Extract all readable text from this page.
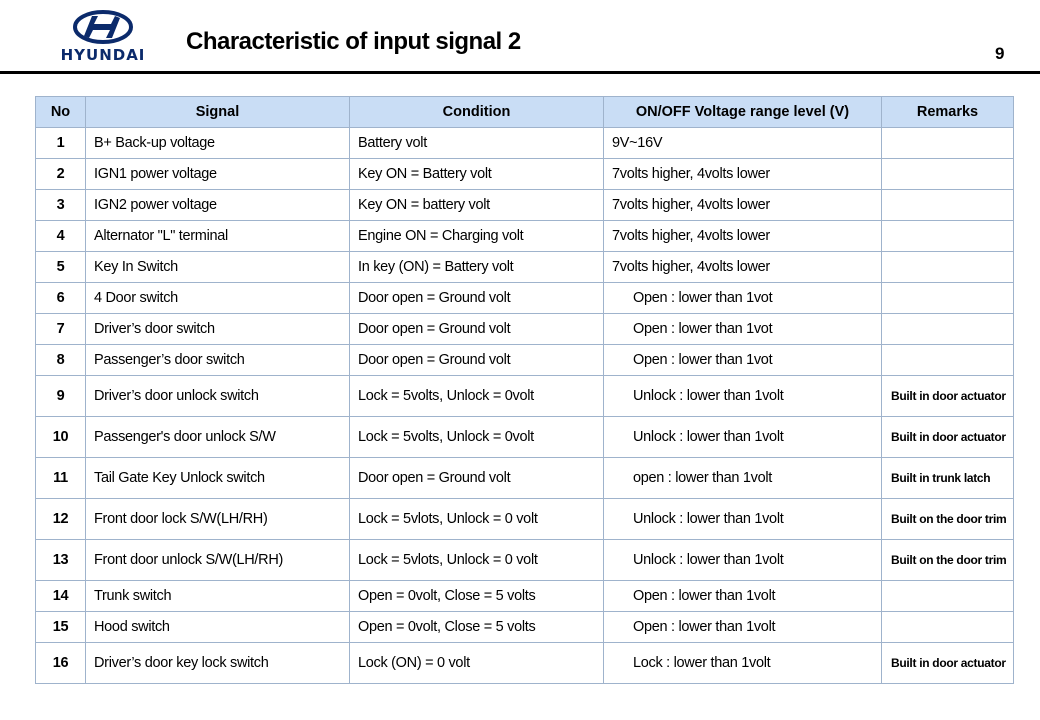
HYUNDAI Characteristic of input signal 2	9
No	Signal	Condition	ON/OFF Voltage range level (V)	Remarks
1	B+ Back-up voltage	Battery volt	9V~16V	
2	IGN1 power voltage	Key ON = Battery volt	7volts higher, 4volts lower	
3	IGN2 power voltage	Key ON = battery volt	7volts higher, 4volts lower	
4	Alternator "L" terminal	Engine ON = Charging volt	7volts higher, 4volts lower	
5	Key In Switch	In key (ON) = Battery volt	7volts higher, 4volts lower	
6	4 Door switch	Door open = Ground volt	Open : lower than 1vot	
7	Driver’s door switch	Door open = Ground volt	Open : lower than 1vot	
8	Passenger’s door switch	Door open = Ground volt	Open : lower than 1vot	
9	Driver’s door unlock switch	Lock = 5volts, Unlock = 0volt	Unlock : lower than 1volt	Built in door actuator
10	Passenger's door unlock S/W	Lock = 5volts, Unlock = 0volt	Unlock : lower than 1volt	Built in door actuator
11	Tail Gate Key Unlock switch	Door open = Ground volt	open : lower than 1volt	Built in trunk latch
12	Front door lock S/W(LH/RH)	Lock = 5vlots, Unlock = 0 volt	Unlock : lower than 1volt	Built on the door trim
13	Front door unlock S/W(LH/RH)	Lock = 5vlots, Unlock = 0 volt	Unlock : lower than 1volt	Built on the door trim
14	Trunk switch	Open = 0volt, Close = 5 volts	Open : lower than 1volt	
15	Hood switch	Open = 0volt, Close = 5 volts	Open : lower than 1volt	
16	Driver’s door key lock switch	Lock (ON) = 0 volt	Lock : lower than 1volt	Built in door actuator
